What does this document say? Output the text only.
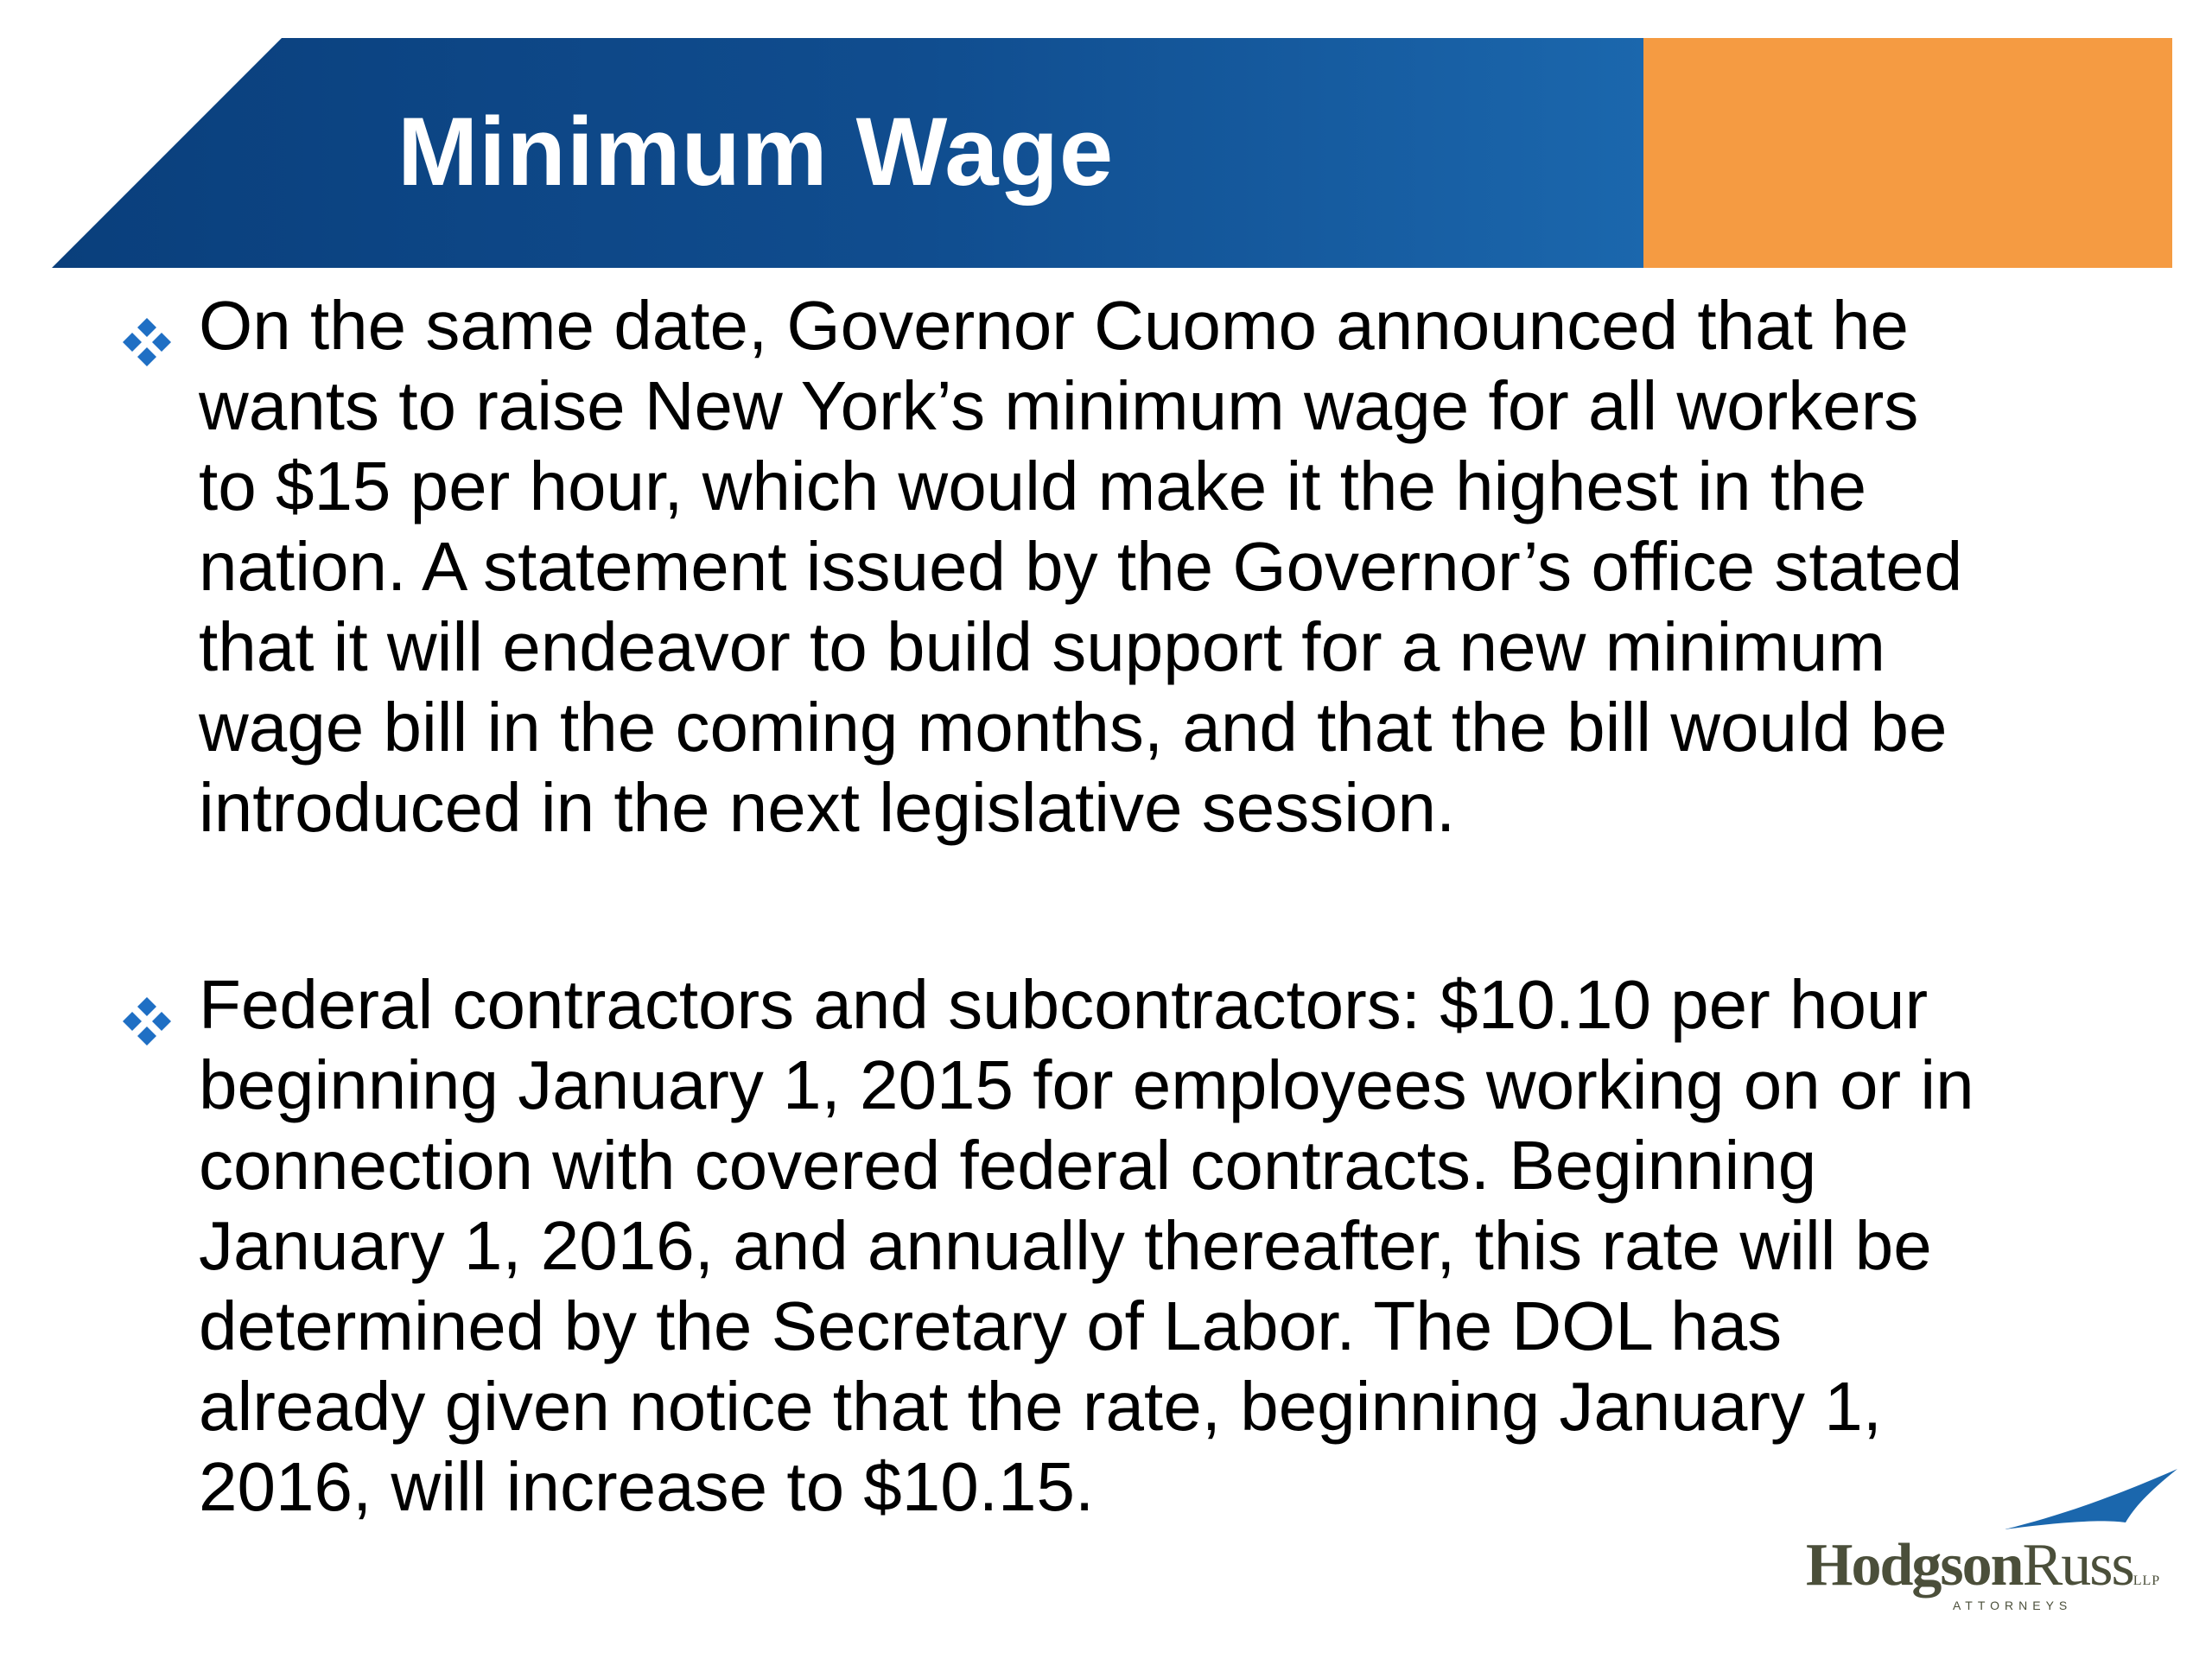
Minimum Wage
On the same date, Governor Cuomo announced that he
wants to raise New York’s minimum wage for all workers
to $15 per hour, which would make it the highest in the
nation. A statement issued by the Governor’s office stated
that it will endeavor to build support for a new minimum
wage bill in the coming months, and that the bill would be
introduced in the next legislative session.
Federal contractors and subcontractors: $10.10 per hour
beginning January 1, 2015 for employees working on or in
connection with covered federal contracts. Beginning
January 1, 2016, and annually thereafter, this rate will be
determined by the Secretary of Labor. The DOL has
already given notice that the rate, beginning January 1,
2016, will increase to $10.15.
HodgsonRussLLP
ATTORNEYS
